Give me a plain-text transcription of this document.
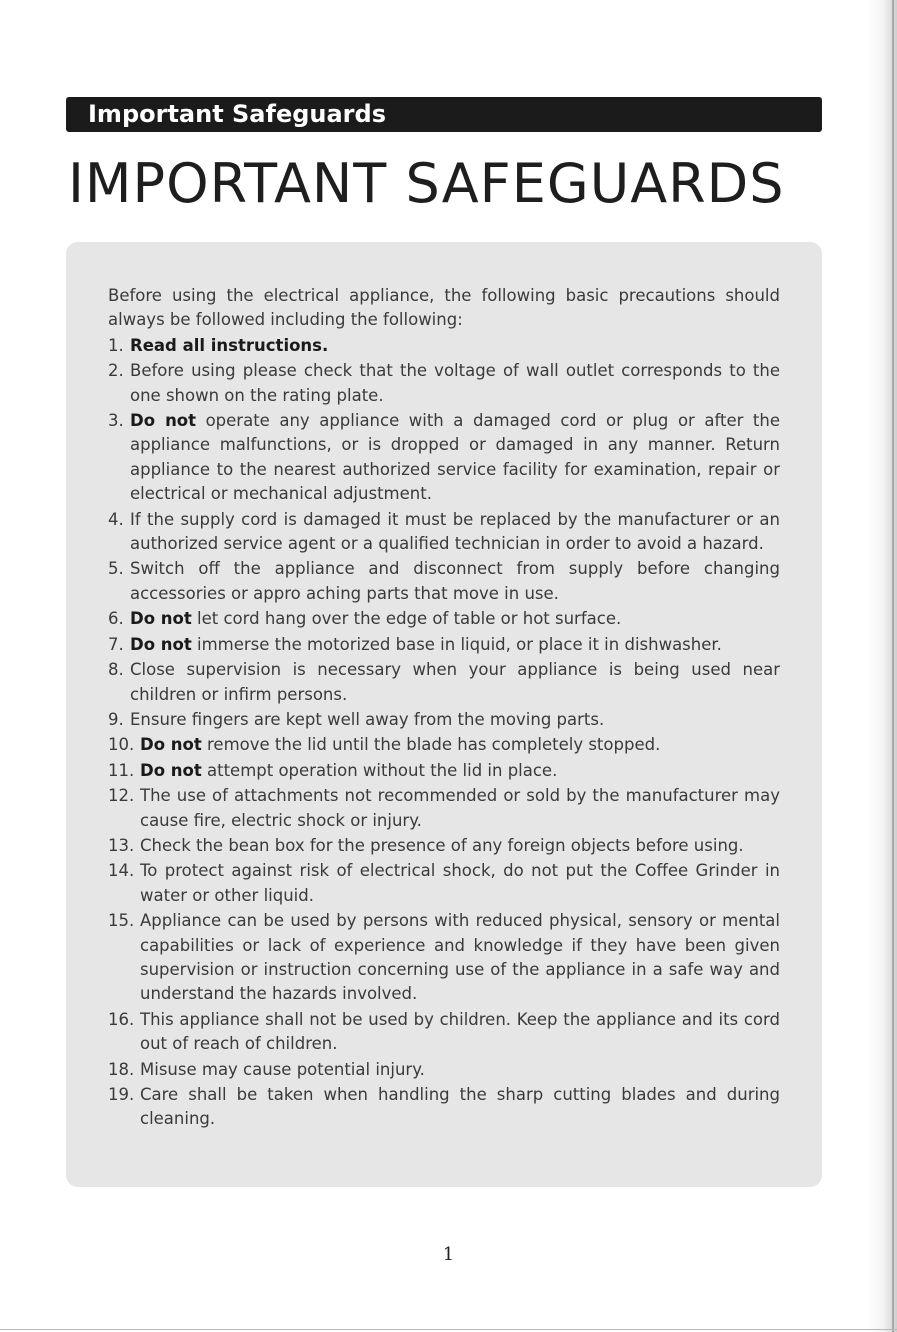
Important Safeguards
IMPORTANT SAFEGUARDS

Before using the electrical appliance, the following basic precautions should always be followed including the following:

1. Read all instructions.
2. Before using please check that the voltage of wall outlet corresponds to the one shown on the rating plate.
3. Do not operate any appliance with a damaged cord or plug or after the appliance malfunctions, or is dropped or damaged in any manner. Return appliance to the nearest authorized service facility for examination, repair or electrical or mechanical adjustment.
4. If the supply cord is damaged it must be replaced by the manufacturer or an authorized service agent or a qualified technician in order to avoid a hazard.
5. Switch off the appliance and disconnect from supply before changing accessories or appro aching parts that move in use.
6. Do not let cord hang over the edge of table or hot surface.
7. Do not immerse the motorized base in liquid, or place it in dishwasher.
8. Close supervision is necessary when your appliance is being used near children or infirm persons.
9. Ensure fingers are kept well away from the moving parts.
10. Do not remove the lid until the blade has completely stopped.
11. Do not attempt operation without the lid in place.
12. The use of attachments not recommended or sold by the manufacturer may cause fire, electric shock or injury.
13. Check the bean box for the presence of any foreign objects before using.
14. To protect against risk of electrical shock, do not put the Coffee Grinder in water or other liquid.
15. Appliance can be used by persons with reduced physical, sensory or mental capabilities or lack of experience and knowledge if they have been given supervision or instruction concerning use of the appliance in a safe way and understand the hazards involved.
16. This appliance shall not be used by children. Keep the appliance and its cord out of reach of children.
18. Misuse may cause potential injury.
19. Care shall be taken when handling the sharp cutting blades and during cleaning.
1
